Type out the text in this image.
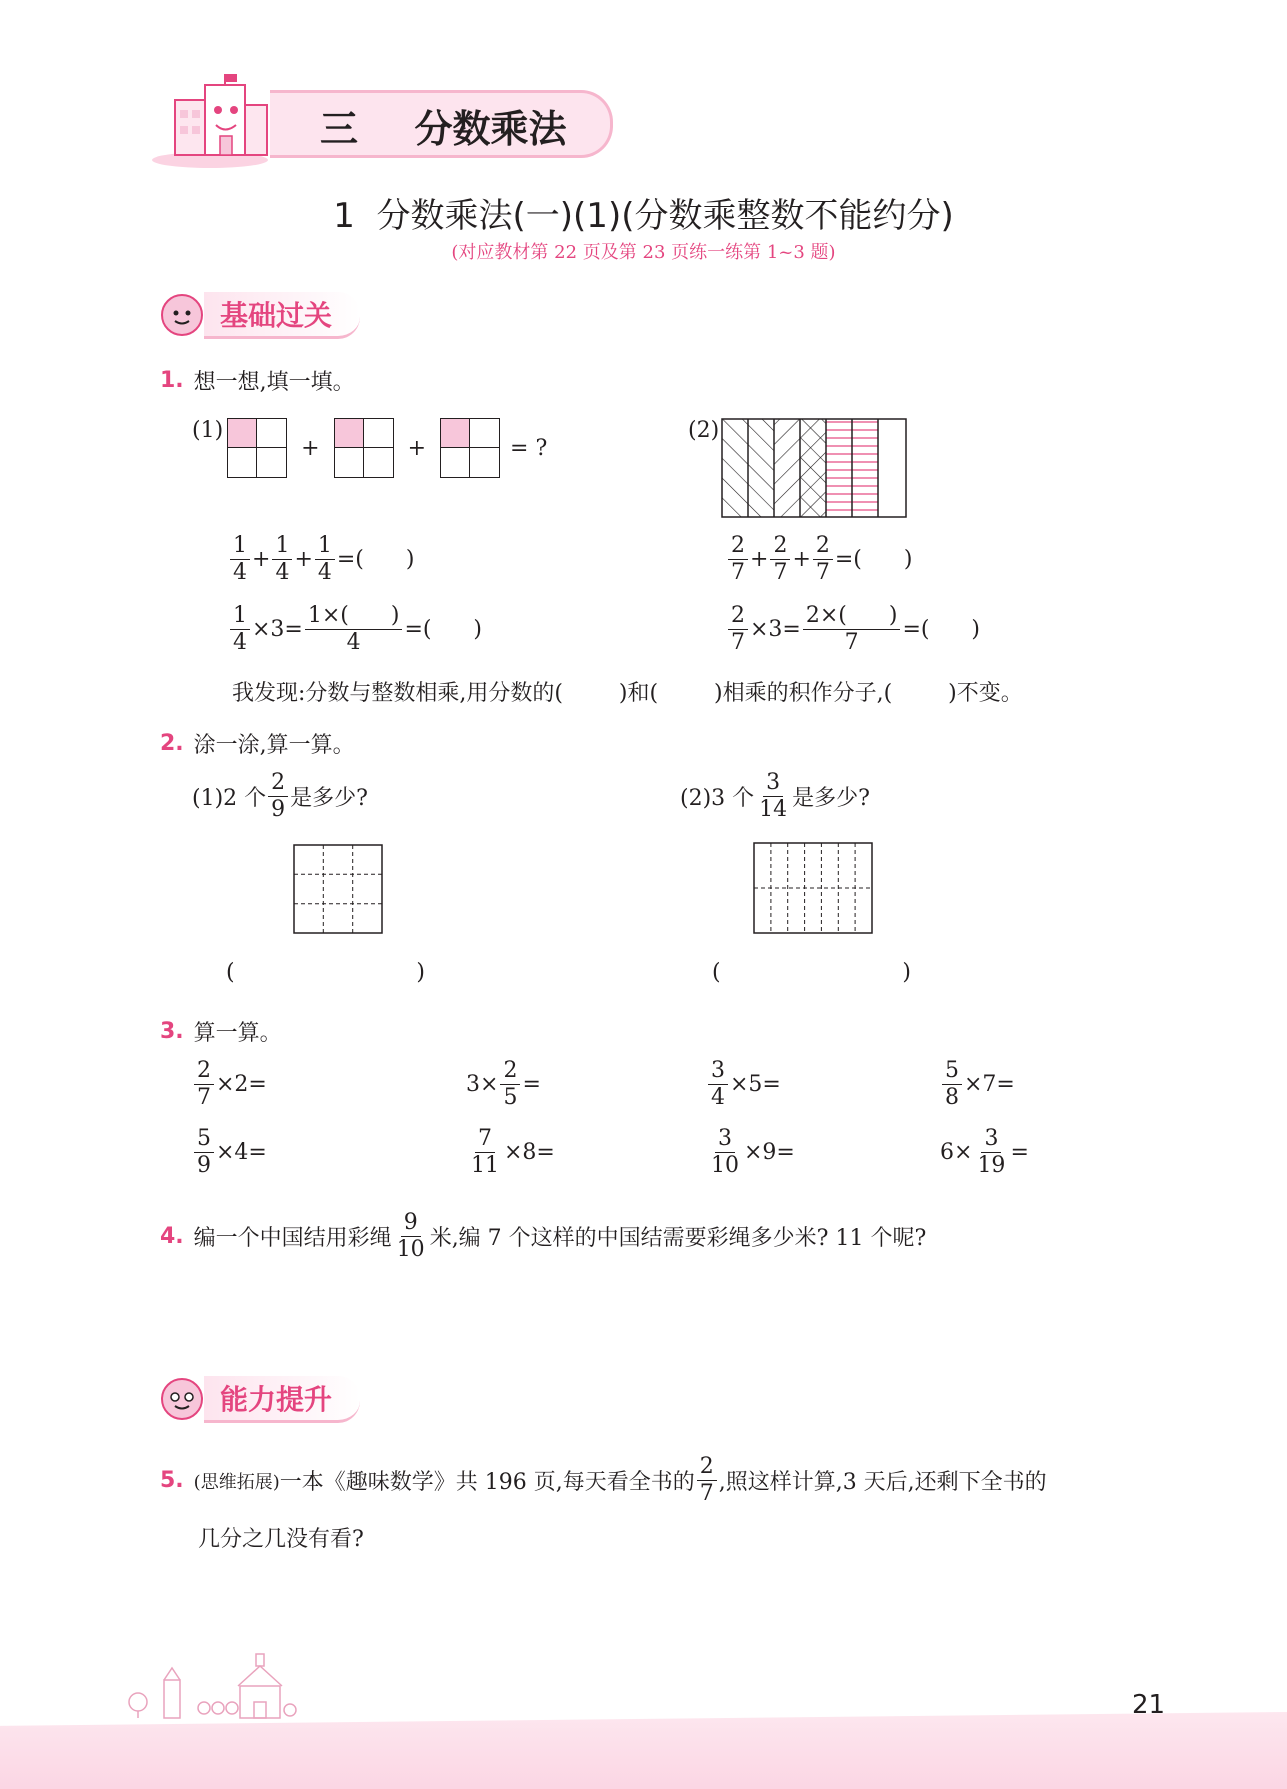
三 分数乘法
1  分数乘法(一)(1)(分数乘整数不能约分)
(对应教材第 22 页及第 23 页练一练第 1~3 题)
基础过关
1. 想一想,填一填。
(1)
+	+	= ?
(2)
$\frac{1}{4} + \frac{1}{4} + \frac{1}{4}$ =(      )
$\frac{1}{4} \times 3= \frac{1\times( )}{4}$ =(      )
$\frac{2}{7} + \frac{2}{7} + \frac{2}{7}$ =(      )
$\frac{2}{7} \times 3= \frac{2\times( )}{7}$ =(      )
我发现:分数与整数相乘,用分数的(        )和(        )相乘的积作分子,(        )不变。
2. 涂一涂,算一算。
(1)2 个 $\frac{2}{9}$ 是多少?	(2)3 个 $\frac{3}{14}$ 是多少?
(                          )	(                          )
3. 算一算。
$\frac{2}{7} \times 2=$	$3\times \frac{2}{5}$ =	$\frac{3}{4} \times 5=$	$\frac{5}{8} \times 7=$
$\frac{5}{9} \times 4=$	$\frac{7}{11} \times 8=$	$\frac{3}{10} \times 9=$	$6\times \frac{3}{19}$ =
4. 编一个中国结用彩绳 $\frac{9}{10}$ 米,编 7 个这样的中国结需要彩绳多少米? 11 个呢?
能力提升
5. (思维拓展) 一本《趣味数学》共 196 页,每天看全书的 $\frac{2}{7}$ ,照这样计算,3 天后,还剩下全书的
几分之几没有看?
21
